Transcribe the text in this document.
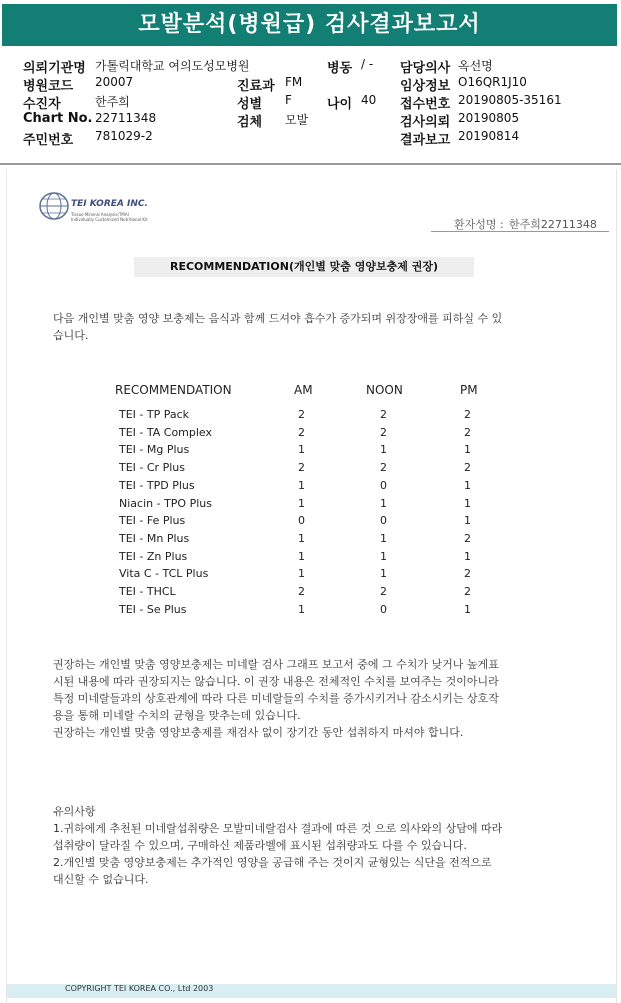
모발분석(병원급) 검사결과보고서
의뢰기관명 가톨릭대학교 여의도성모병원	병동 / - 담당의사 옥선명
병원코드 20007	진료과 FM	임상정보 O16QR1J10
수진자	한주희	성별 F	나이 40 접수번호 20190805-35161
Chart No. 22711348	검체 모발	검사의뢰 20190805
주민번호 781029-2	결과보고 20190814
TEI KOREA INC.
Tissue Mineral Analysis(TMA)
Individually Customized Nutritional Kit	환자성명 : 한주희22711348
RECOMMENDATION(개인별 맞춤 영양보충제 권장)
다음 개인별 맞춤 영양 보충제는 음식과 함께 드셔야 흡수가 증가되며 위장장애를 피하실 수 있
습니다.
RECOMMENDATION	AM	NOON	PM
TEI - TP Pack	2	2	2
TEI - TA Complex	2	2	2
TEI - Mg Plus	1	1	1
TEI - Cr Plus	2	2	2
TEI - TPD Plus	1	0	1
Niacin - TPO Plus	1	1	1
TEI - Fe Plus	0	0	1
TEI - Mn Plus	1	1	2
TEI - Zn Plus	1	1	1
Vita C - TCL Plus	1	1	2
TEI - THCL	2	2	2
TEI - Se Plus	1	0	1
권장하는 개인별 맞춤 영양보충제는 미네랄 검사 그래프 보고서 중에 그 수치가 낮거나 높게표
시된 내용에 따라 권장되지는 않습니다. 이 권장 내용은 전체적인 수치를 보여주는 것이아니라
특정 미네랄들과의 상호관계에 따라 다른 미네랄들의 수치를 증가시키거나 감소시키는 상호작
용을 통해 미네랄 수치의 균형을 맞추는데 있습니다.
권장하는 개인별 맞춤 영양보충제를 재검사 없이 장기간 동안 섭취하지 마셔야 합니다.
유의사항
1.귀하에게 추천된 미네랄섭취량은 모발미네랄검사 결과에 따른 것 으로 의사와의 상담에 따라
섭취량이 달라질 수 있으며, 구매하신 제품라벨에 표시된 섭취량과도 다를 수 있습니다.
2.개인별 맞춤 영양보충제는 추가적인 영양을 공급해 주는 것이지 균형있는 식단을 전적으로
대신할 수 없습니다.
COPYRIGHT TEI KOREA CO., Ltd 2003
